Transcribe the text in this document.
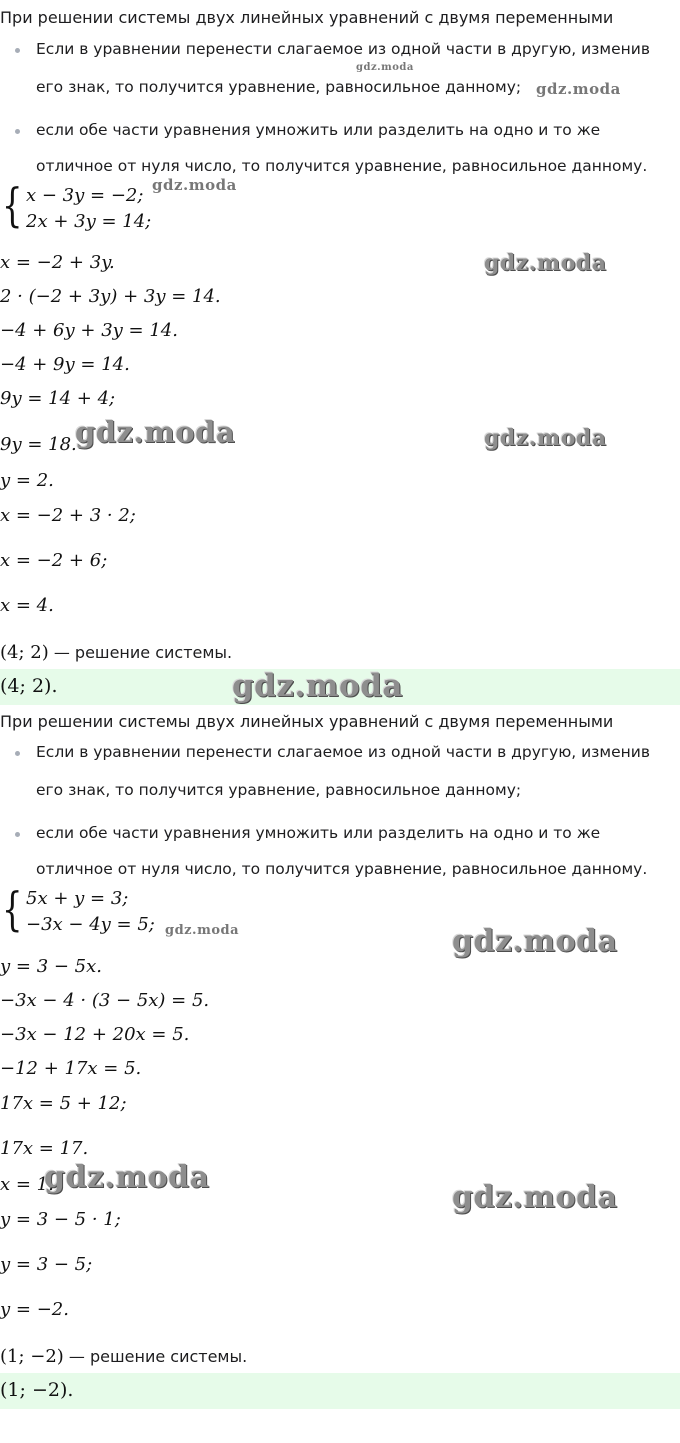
При решении системы двух линейных уравнений с двумя переменными
Если в уравнении перенести слагаемое из одной части в другую, изменив
его знак, то получится уравнение, равносильное данному;
если обе части уравнения умножить или разделить на одно и то же
отличное от нуля число, то получится уравнение, равносильное данному.
{ x − 3y = −2;
2x + 3y = 14;
x = −2 + 3y.
2 · (−2 + 3y) + 3y = 14.
−4 + 6y + 3y = 14.
−4 + 9y = 14.
9y = 14 + 4;
9y = 18.
y = 2.
x = −2 + 3 · 2;
x = −2 + 6;
x = 4.
(4; 2) — решение системы.
(4; 2).
При решении системы двух линейных уравнений с двумя переменными
Если в уравнении перенести слагаемое из одной части в другую, изменив
его знак, то получится уравнение, равносильное данному;
если обе части уравнения умножить или разделить на одно и то же
отличное от нуля число, то получится уравнение, равносильное данному.
{ 5x + y = 3;
−3x − 4y = 5;
y = 3 − 5x.
−3x − 4 · (3 − 5x) = 5.
−3x − 12 + 20x = 5.
−12 + 17x = 5.
17x = 5 + 12;
17x = 17.
x = 1.
y = 3 − 5 · 1;
y = 3 − 5;
y = −2.
(1; −2) — решение системы.
(1; −2).
gdz.moda
gdz.moda
gdz.moda
gdz.moda
gdz.moda	gdz.moda
gdz.moda
gdz.moda	gdz.moda
gdz.moda
gdz.moda
